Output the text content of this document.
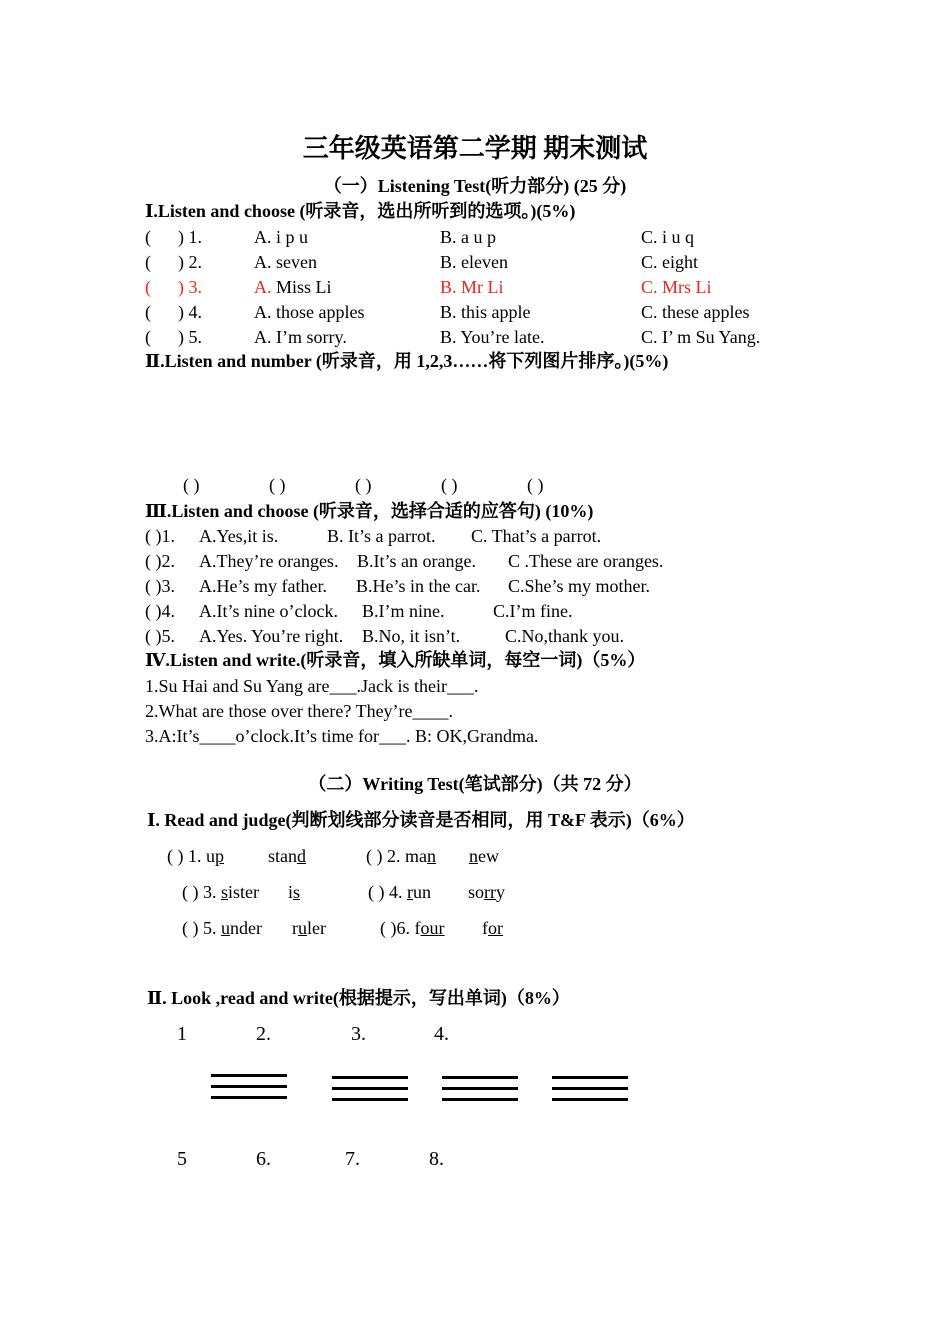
三年级英语第二学期 期末测试
（一）Listening Test(听力部分) (25 分)
Ⅰ.Listen and choose (听录音，选出所听到的选项。)(5%)
( ) 1.	A. i p u	B. a u p	C. i u q
( ) 2.	A. seven	B. eleven	C. eight
( ) 3.	A. Miss Li	B. Mr Li	C. Mrs Li
( ) 4.	A. those apples	B. this apple	C. these apples
( ) 5.	A. I’m sorry.	B. You’re late.	C. I’ m Su Yang.
Ⅱ.Listen and number (听录音，用 1,2,3……将下列图片排序。)(5%)
( )	( )	( )	( )	( )
Ⅲ.Listen and choose (听录音，选择合适的应答句) (10%)
( )1. A.Yes,it is.	B. It’s a parrot. C. That’s a parrot.
( )2. A.They’re oranges. B.It’s an orange. C .These are oranges.
( )3. A.He’s my father. B.He’s in the car. C.She’s my mother.
( )4. A.It’s nine o’clock. B.I’m nine.	C.I’m fine.
( )5. A.Yes. You’re right. B.No, it isn’t. C.No,thank you.
Ⅳ.Listen and write.(听录音，填入所缺单词，每空一词)（5%）
1.Su Hai and Su Yang are___.Jack is their___.
2.What are those over there? They’re____.
3.A:It’s____o’clock.It’s time for___. B: OK,Grandma.
（二）Writing Test(笔试部分)（共 72 分）
Ⅰ. Read and judge(判断划线部分读音是否相同，用 T&F 表示)（6%）
( ) 1. up stand	( ) 2. man new
( ) 3. sister is	( ) 4. run sorry
( ) 5. under ruler	( )6. four for
Ⅱ. Look ,read and write(根据提示，写出单词)（8%）
1	2.	3.	4.
5	6.	7.	8.
